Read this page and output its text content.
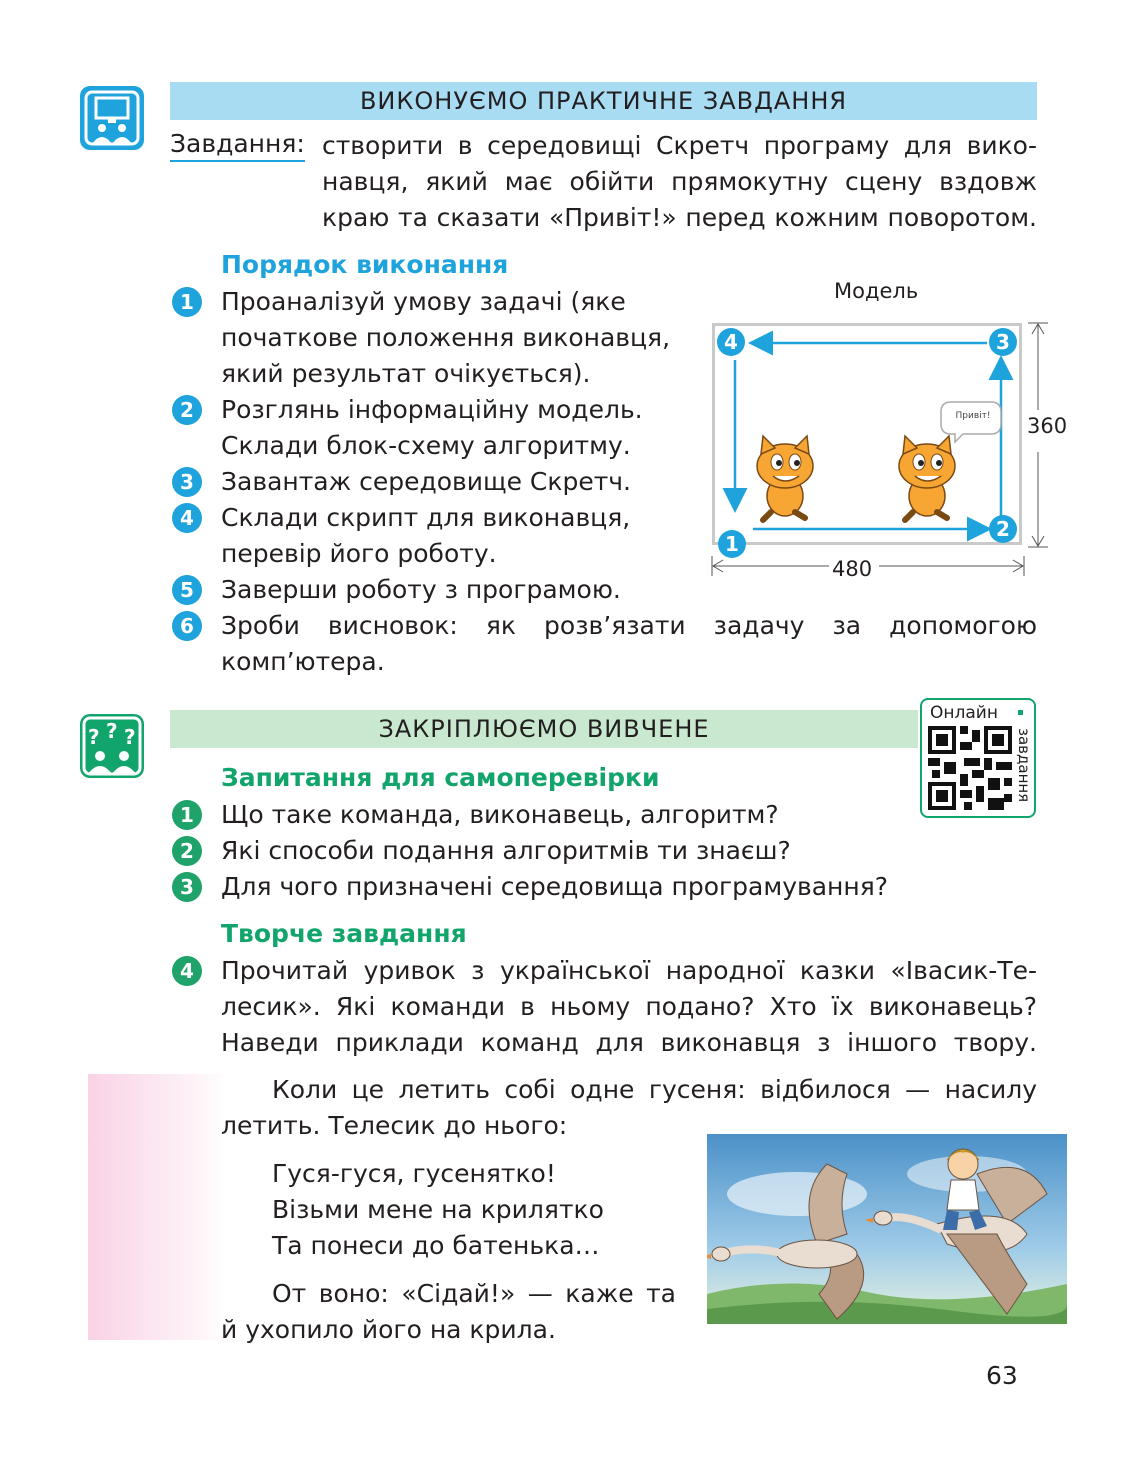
ВИКОНУЄМО ПРАКТИЧНЕ ЗАВДАННЯ
Завдання: створити в середовищі Скретч програму для вико-
навця, який має обійти прямокутну сцену вздовж
краю та сказати «Привіт!» перед кожним поворотом.
Порядок виконання
1	Проаналізуй умову задачі (яке
початкове положення виконавця,
який результат очікується).
2	Розглянь інформаційну модель.
Склади блок-схему алгоритму.
3	Завантаж середовище Скретч.
4	Склади скрипт для виконавця,
перевір його роботу.
5	Заверши роботу з програмою.
6	Зроби висновок: як розв’язати задачу за допомогою
комп’ютера.
Модель
Привіт!
1
2
3
4
360
480
? ? ?	ЗАКРІПЛЮЄМО ВИВЧЕНЕ
Онлайн
завдання
Запитання для самоперевірки
1	Що таке команда, виконавець, алгоритм?
2	Які способи подання алгоритмів ти знаєш?
3	Для чого призначені середовища програмування?
Творче завдання
4	Прочитай уривок з української народної казки «Івасик-Те-
лесик». Які команди в ньому подано? Хто їх виконавець?
Наведи приклади команд для виконавця з іншого твору.
Коли це летить собі одне гусеня: відбилося — насилу
летить. Телесик до нього:
Гуся-гуся, гусенятко!
Візьми мене на крилятко
Та понеси до батенька…
От воно: «Сідай!» — каже та
й ухопило його на крила.
63
